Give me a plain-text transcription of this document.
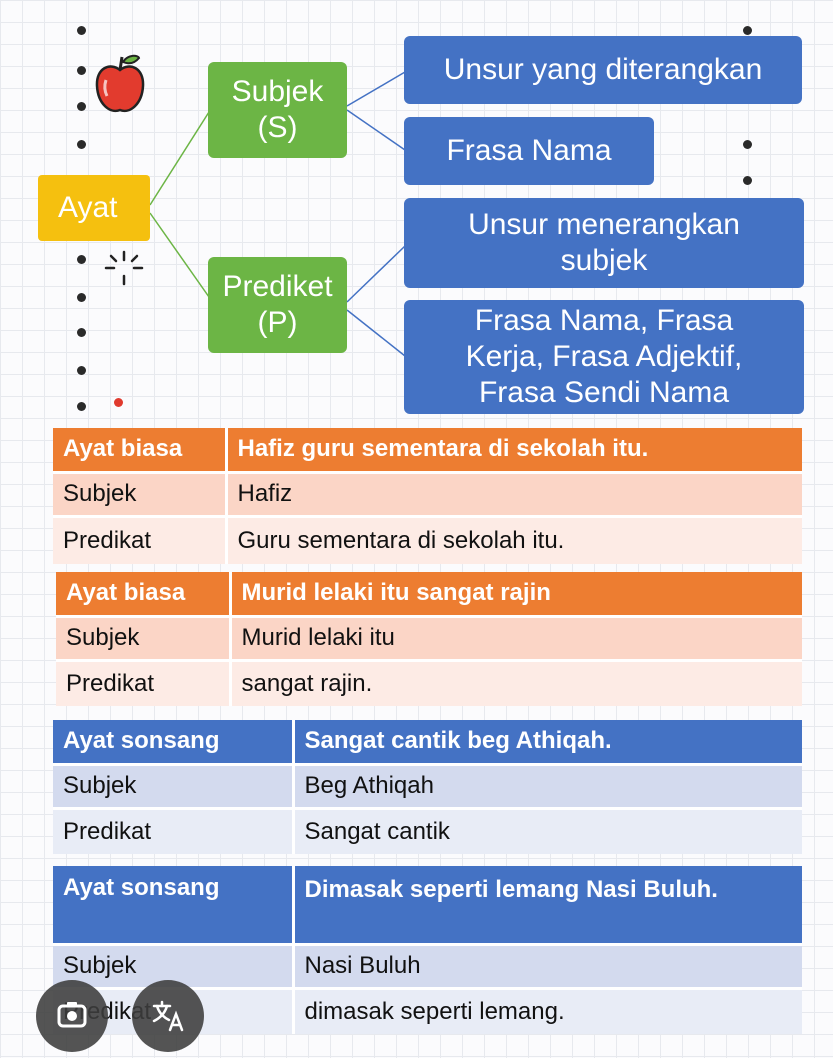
Ayat
Subjek
(S)
Prediket
(P)
Unsur yang diterangkan
Frasa Nama
Unsur menerangkan
subjek
Frasa Nama, Frasa
Kerja, Frasa Adjektif,
Frasa Sendi Nama
Ayat biasa	Hafiz guru sementara di sekolah itu.
Subjek	Hafiz
Predikat	Guru sementara di sekolah itu.
Ayat biasa	Murid lelaki itu sangat rajin
Subjek	Murid lelaki itu
Predikat	sangat rajin.
Ayat sonsang	Sangat cantik beg Athiqah.
Subjek	Beg Athiqah
Predikat	Sangat cantik
Ayat sonsang	Dimasak seperti lemang Nasi Buluh.
Subjek	Nasi Buluh
	dimasak seperti lemang.
